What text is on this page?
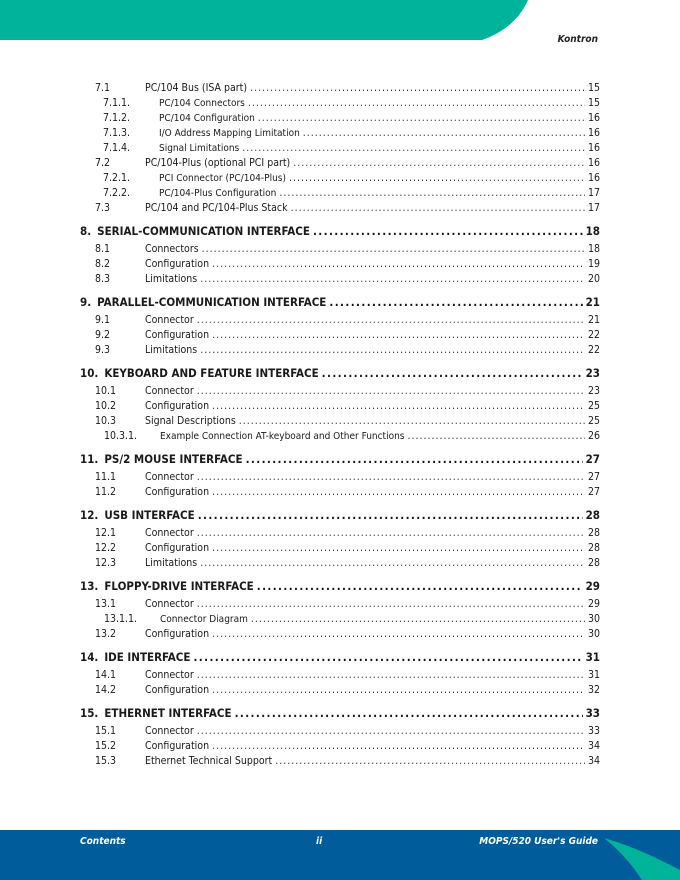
Kontron
7.1	PC/104 Bus (ISA part) .....	15
7.1.1.	PC/104 Connectors .....	15
7.1.2.	PC/104 Configuration .....	16
7.1.3.	I/O Address Mapping Limitation .....	16
7.1.4.	Signal Limitations .....	16
7.2	PC/104-Plus (optional PCI part) .....	16
7.2.1.	PCI Connector (PC/104-Plus) .....	16
7.2.2.	PC/104-Plus Configuration .....	17
7.3	PC/104 and PC/104-Plus Stack .....	17
8. SERIAL-COMMUNICATION INTERFACE .....	18
8.1	Connectors .....	18
8.2	Configuration .....	19
8.3	Limitations .....	20
9. PARALLEL-COMMUNICATION INTERFACE .....	21
9.1	Connector .....	21
9.2	Configuration .....	22
9.3	Limitations .....	22
10. KEYBOARD AND FEATURE INTERFACE .....	23
10.1	Connector .....	23
10.2	Configuration .....	25
10.3	Signal Descriptions .....	25
10.3.1.	Example Connection AT-keyboard and Other Functions .....	26
11. PS/2 MOUSE INTERFACE .....	27
11.1	Connector .....	27
11.2	Configuration .....	27
12. USB INTERFACE .....	28
12.1	Connector .....	28
12.2	Configuration .....	28
12.3	Limitations .....	28
13. FLOPPY-DRIVE INTERFACE .....	29
13.1	Connector .....	29
13.1.1.	Connector Diagram .....	30
13.2	Configuration .....	30
14. IDE INTERFACE .....	31
14.1	Connector .....	31
14.2	Configuration .....	32
15. ETHERNET INTERFACE .....	33
15.1	Connector .....	33
15.2	Configuration .....	34
15.3	Ethernet Technical Support .....	34
Contents	ii	MOPS/520 User's Guide
